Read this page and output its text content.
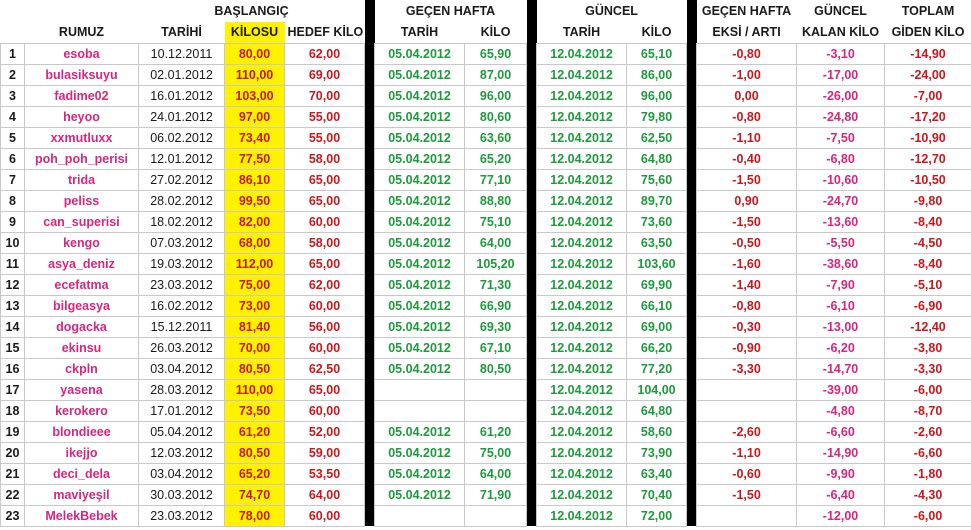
		BAŞLANGIÇ				GEÇEN HAFTA			GÜNCEL			GEÇEN HAFTA	GÜNCEL	TOPLAM
	RUMUZ	TARİHİ	KİLOSU	HEDEF KİLO		TARİH	KİLO		TARİH	KİLO		EKSİ / ARTI	KALAN KİLO	GİDEN KİLO
1	esoba	10.12.2011	80,00	62,00		05.04.2012	65,90		12.04.2012	65,10		-0,80	-3,10	-14,90
2	bulasiksuyu	02.01.2012	110,00	69,00		05.04.2012	87,00		12.04.2012	86,00		-1,00	-17,00	-24,00
3	fadime02	16.01.2012	103,00	70,00		05.04.2012	96,00		12.04.2012	96,00		0,00	-26,00	-7,00
4	heyoo	24.01.2012	97,00	55,00		05.04.2012	80,60		12.04.2012	79,80		-0,80	-24,80	-17,20
5	xxmutluxx	06.02.2012	73,40	55,00		05.04.2012	63,60		12.04.2012	62,50		-1,10	-7,50	-10,90
6	poh_poh_perisi	12.01.2012	77,50	58,00		05.04.2012	65,20		12.04.2012	64,80		-0,40	-6,80	-12,70
7	trida	27.02.2012	86,10	65,00		05.04.2012	77,10		12.04.2012	75,60		-1,50	-10,60	-10,50
8	peliss	28.02.2012	99,50	65,00		05.04.2012	88,80		12.04.2012	89,70		0,90	-24,70	-9,80
9	can_superisi	18.02.2012	82,00	60,00		05.04.2012	75,10		12.04.2012	73,60		-1,50	-13,60	-8,40
10	kengo	07.03.2012	68,00	58,00		05.04.2012	64,00		12.04.2012	63,50		-0,50	-5,50	-4,50
11	asya_deniz	19.03.2012	112,00	65,00		05.04.2012	105,20		12.04.2012	103,60		-1,60	-38,60	-8,40
12	ecefatma	23.03.2012	75,00	62,00		05.04.2012	71,30		12.04.2012	69,90		-1,40	-7,90	-5,10
13	bilgeasya	16.02.2012	73,00	60,00		05.04.2012	66,90		12.04.2012	66,10		-0,80	-6,10	-6,90
14	dogacka	15.12.2011	81,40	56,00		05.04.2012	69,30		12.04.2012	69,00		-0,30	-13,00	-12,40
15	ekinsu	26.03.2012	70,00	60,00		05.04.2012	67,10		12.04.2012	66,20		-0,90	-6,20	-3,80
16	ckpln	03.04.2012	80,50	62,50		05.04.2012	80,50		12.04.2012	77,20		-3,30	-14,70	-3,30
17	yasena	28.03.2012	110,00	65,00					12.04.2012	104,00			-39,00	-6,00
18	kerokero	17.01.2012	73,50	60,00					12.04.2012	64,80			-4,80	-8,70
19	blondieee	05.04.2012	61,20	52,00		05.04.2012	61,20		12.04.2012	58,60		-2,60	-6,60	-2,60
20	ikejjo	12.03.2012	80,50	59,00		05.04.2012	75,00		12.04.2012	73,90		-1,10	-14,90	-6,60
21	deci_dela	03.04.2012	65,20	53,50		05.04.2012	64,00		12.04.2012	63,40		-0,60	-9,90	-1,80
22	maviyeşil	30.03.2012	74,70	64,00		05.04.2012	71,90		12.04.2012	70,40		-1,50	-6,40	-4,30
23	MelekBebek	23.03.2012	78,00	60,00					12.04.2012	72,00			-12,00	-6,00
